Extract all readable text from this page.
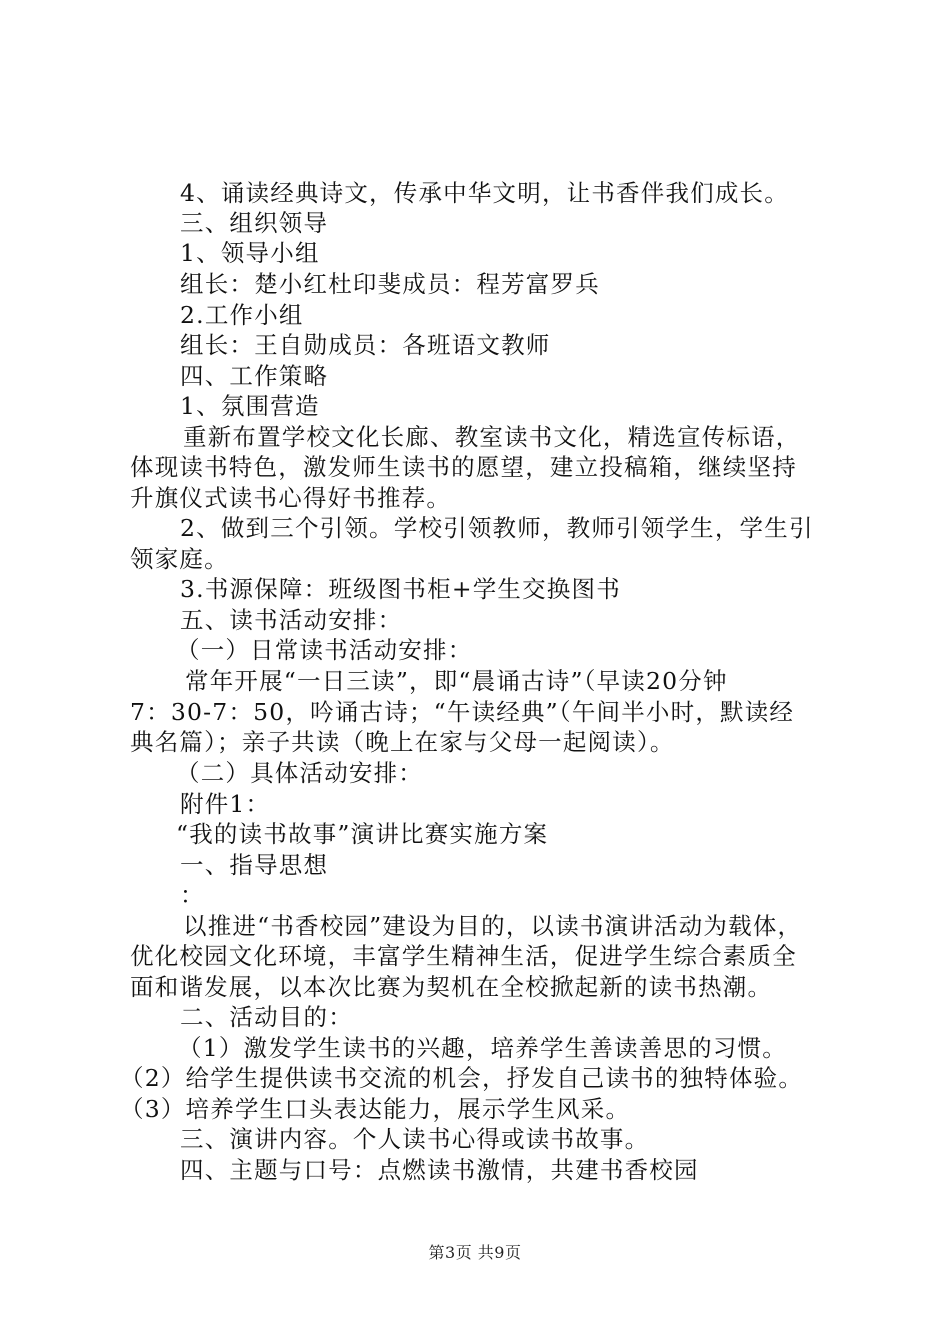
4、诵读经典诗文，传承中华文明，让书香伴我们成长。
三、组织领导
1、领导小组
组长：楚小红杜印斐成员：程芳富罗兵
2.工作小组
组长：王自勋成员：各班语文教师
四、工作策略
1、氛围营造
重新布置学校文化长廊、教室读书文化，精选宣传标语，
体现读书特色，激发师生读书的愿望，建立投稿箱，继续坚持
升旗仪式读书心得好书推荐。
2、做到三个引领。学校引领教师，教师引领学生，学生引
领家庭。
3.书源保障：班级图书柜+学生交换图书
五、读书活动安排：
（一）日常读书活动安排：
常年开展“一日三读”，即“晨诵古诗”（早读20分钟
7：30-7：50，吟诵古诗；“午读经典”（午间半小时，默读经
典名篇）；亲子共读（晚上在家与父母一起阅读）。
（二）具体活动安排：
附件1：
“我的读书故事”演讲比赛实施方案
一、指导思想
：
以推进“书香校园”建设为目的，以读书演讲活动为载体，
优化校园文化环境，丰富学生精神生活，促进学生综合素质全
面和谐发展，以本次比赛为契机在全校掀起新的读书热潮。
二、活动目的：
（1）激发学生读书的兴趣，培养学生善读善思的习惯。
（2）给学生提供读书交流的机会，抒发自己读书的独特体验。
（3）培养学生口头表达能力，展示学生风采。
三、演讲内容。个人读书心得或读书故事。
四、主题与口号：点燃读书激情，共建书香校园
第3页 共9页
